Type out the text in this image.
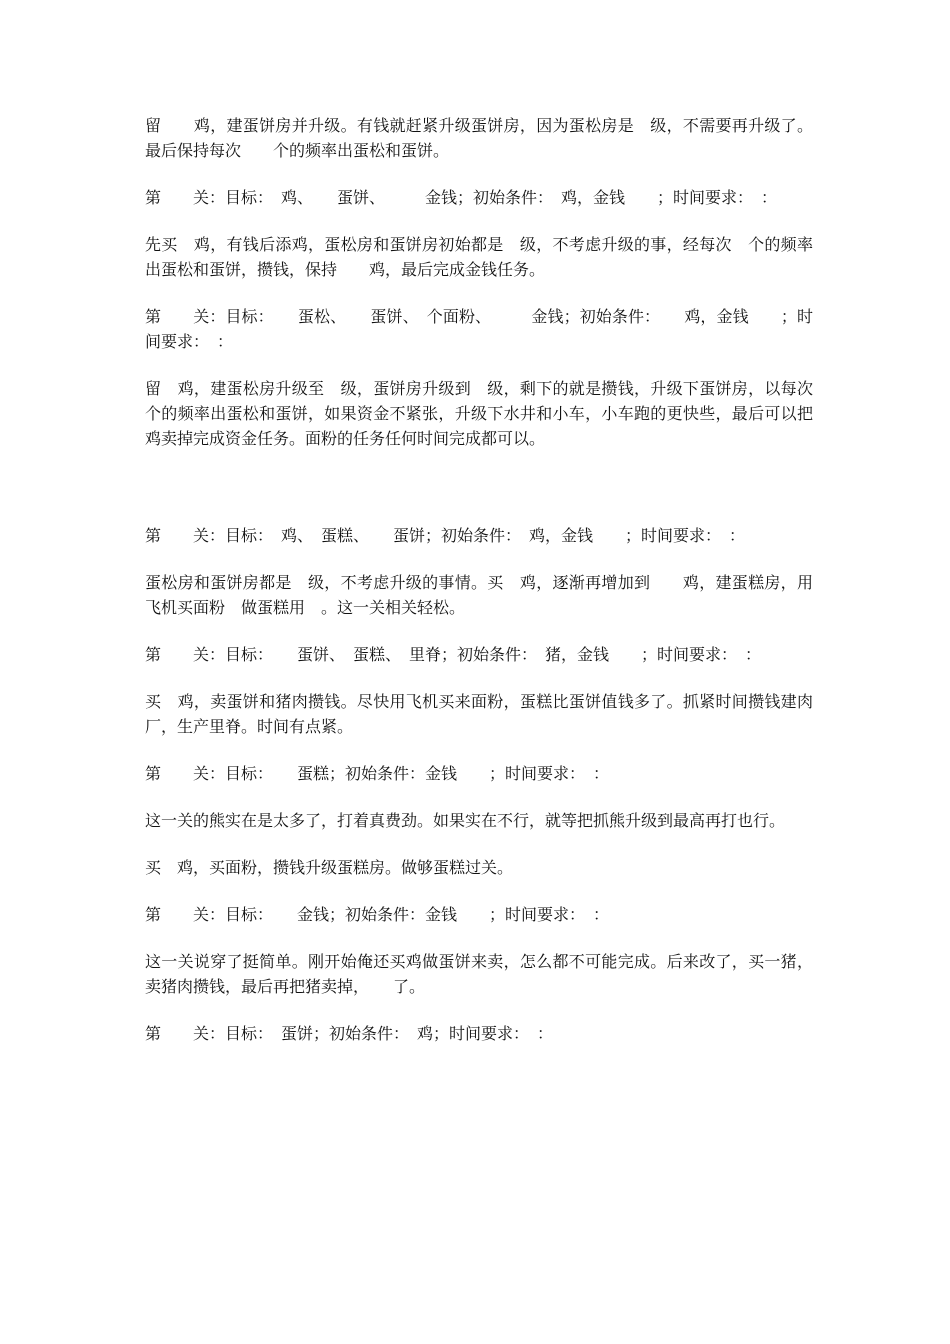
留　　鸡，建蛋饼房并升级。有钱就赶紧升级蛋饼房，因为蛋松房是　级，不需要再升级了。最后保持每次　　个的频率出蛋松和蛋饼。

第　　关：目标：　鸡、　　蛋饼、　　　金钱；初始条件：　鸡，金钱　　；时间要求：　：

先买　鸡，有钱后添鸡，蛋松房和蛋饼房初始都是　级，不考虑升级的事，经每次　个的频率出蛋松和蛋饼，攒钱，保持　　鸡，最后完成金钱任务。

第　　关：目标：　　蛋松、　　蛋饼、　个面粉、　　　金钱；初始条件：　　鸡，金钱　　；时间要求：　：

留　鸡，建蛋松房升级至　级，蛋饼房升级到　级，剩下的就是攒钱，升级下蛋饼房，以每次　个的频率出蛋松和蛋饼，如果资金不紧张，升级下水井和小车，小车跑的更快些，最后可以把鸡卖掉完成资金任务。面粉的任务任何时间完成都可以。

第　　关：目标：　鸡、　蛋糕、　　蛋饼；初始条件：　鸡，金钱　　；时间要求：　：

蛋松房和蛋饼房都是　级，不考虑升级的事情。买　鸡，逐渐再增加到　　鸡，建蛋糕房，用飞机买面粉　做蛋糕用　。这一关相关轻松。

第　　关：目标：　　蛋饼、　蛋糕、　里脊；初始条件：　猪，金钱　　；时间要求：　：

买　鸡，卖蛋饼和猪肉攒钱。尽快用飞机买来面粉，蛋糕比蛋饼值钱多了。抓紧时间攒钱建肉厂，生产里脊。时间有点紧。

第　　关：目标：　　蛋糕；初始条件：金钱　　；时间要求：　：

这一关的熊实在是太多了，打着真费劲。如果实在不行，就等把抓熊升级到最高再打也行。

买　鸡，买面粉，攒钱升级蛋糕房。做够蛋糕过关。

第　　关：目标：　　金钱；初始条件：金钱　　；时间要求：　：

这一关说穿了挺简单。刚开始俺还买鸡做蛋饼来卖，怎么都不可能完成。后来改了，买一猪，卖猪肉攒钱，最后再把猪卖掉，　　了。

第　　关：目标：　蛋饼；初始条件：　鸡；时间要求：　：
